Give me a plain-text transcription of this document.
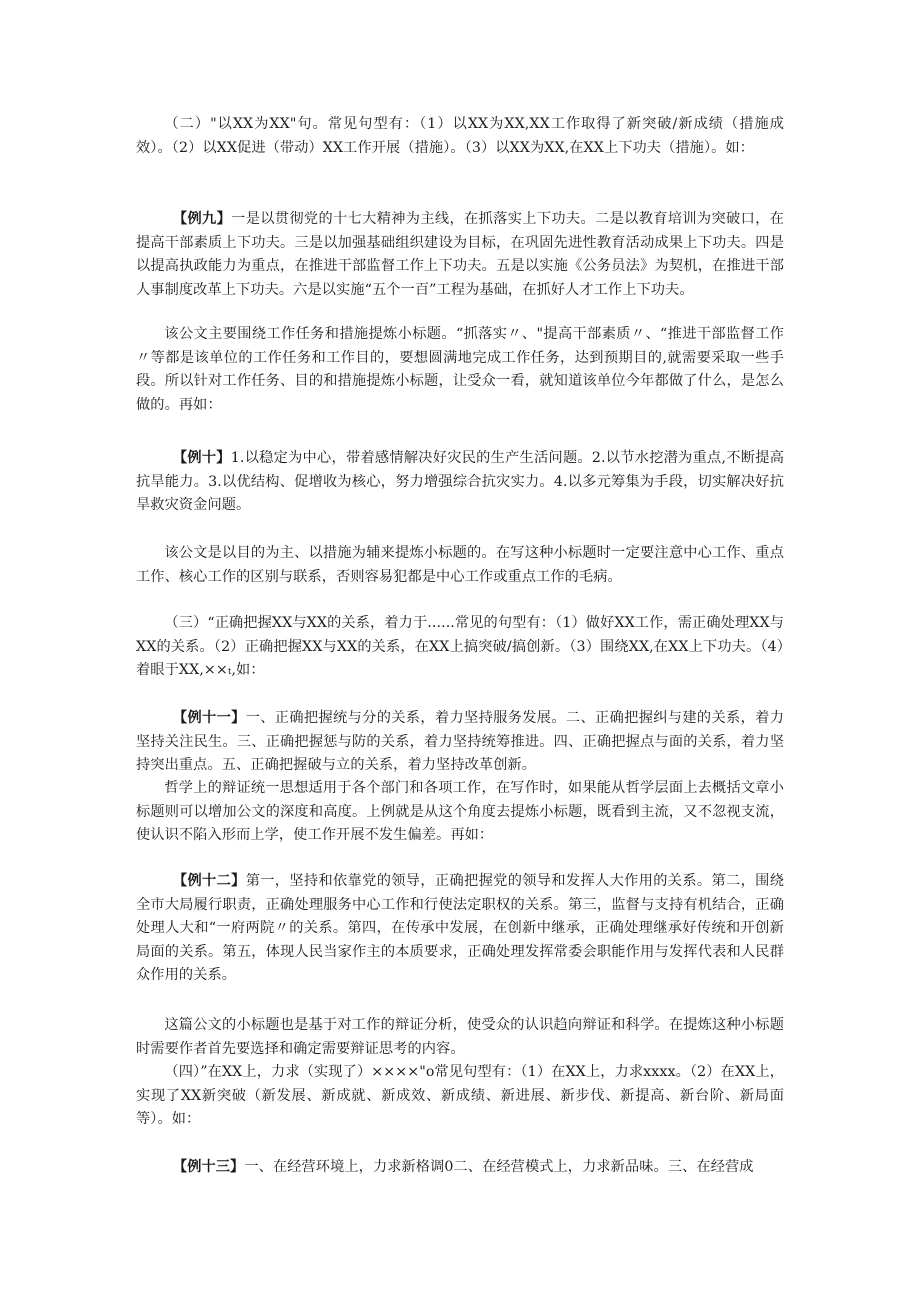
（二）"以XX为XX"句。常见句型有：（1）以XX为XX,XX工作取得了新突破/新成绩（措施成效）。（2）以XX促进（带动）XX工作开展（措施）。（3）以XX为XX,在XX上下功夫（措施）。如：

【例九】一是以贯彻党的十七大精神为主线，在抓落实上下功夫。二是以教育培训为突破口，在提高干部素质上下功夫。三是以加强基础组织建设为目标，在巩固先进性教育活动成果上下功夫。四是以提高执政能力为重点，在推进干部监督工作上下功夫。五是以实施《公务员法》为契机，在推进干部人事制度改革上下功夫。六是以实施“五个一百”工程为基础，在抓好人才工作上下功夫。

该公文主要围绕工作任务和措施提炼小标题。“抓落实〃、"提高干部素质〃、“推进干部监督工作〃等都是该单位的工作任务和工作目的，要想圆满地完成工作任务，达到预期目的,就需要采取一些手段。所以针对工作任务、目的和措施提炼小标题，让受众一看，就知道该单位今年都做了什么，是怎么做的。再如：

【例十】1.以稳定为中心，带着感情解决好灾民的生产生活问题。2.以节水挖潜为重点,不断提高抗旱能力。3.以优结构、促增收为核心，努力增强综合抗灾实力。4.以多元筹集为手段，切实解决好抗旱救灾资金问题。

该公文是以目的为主、以措施为辅来提炼小标题的。在写这种小标题时一定要注意中心工作、重点工作、核心工作的区别与联系，否则容易犯都是中心工作或重点工作的毛病。

（三）“正确把握XX与XX的关系，着力于......常见的句型有：（1）做好XX工作，需正确处理XX与XX的关系。（2）正确把握XX与XX的关系，在XX上搞突破/搞创新。（3）围绕XX,在XX上下功夫。（4）着眼于XX,××ₜ,如：

【例十一】一、正确把握统与分的关系，着力坚持服务发展。二、正确把握纠与建的关系，着力坚持关注民生。三、正确把握惩与防的关系，着力坚持统筹推进。四、正确把握点与面的关系，着力坚持突出重点。五、正确把握破与立的关系，着力坚持改革创新。

哲学上的辩证统一思想适用于各个部门和各项工作，在写作时，如果能从哲学层面上去概括文章小标题则可以增加公文的深度和高度。上例就是从这个角度去提炼小标题，既看到主流，又不忽视支流，使认识不陷入形而上学，使工作开展不发生偏差。再如：

【例十二】第一，坚持和依靠党的领导，正确把握党的领导和发挥人大作用的关系。第二，围绕全市大局履行职责，正确处理服务中心工作和行使法定职权的关系。第三，监督与支持有机结合，正确处理人大和“一府两院〃的关系。第四，在传承中发展，在创新中继承，正确处理继承好传统和开创新局面的关系。第五，体现人民当家作主的本质要求，正确处理发挥常委会职能作用与发挥代表和人民群众作用的关系。

这篇公文的小标题也是基于对工作的辩证分析，使受众的认识趋向辩证和科学。在提炼这种小标题时需要作者首先要选择和确定需要辩证思考的内容。

（四）”在XX上，力求（实现了）××××"o常见句型有：（1）在XX上，力求xxxx。（2）在XX上，实现了XX新突破（新发展、新成就、新成效、新成绩、新进展、新步伐、新提高、新台阶、新局面等）。如：

【例十三】一、在经营环境上，力求新格调0二、在经营模式上，力求新品味。三、在经营成
